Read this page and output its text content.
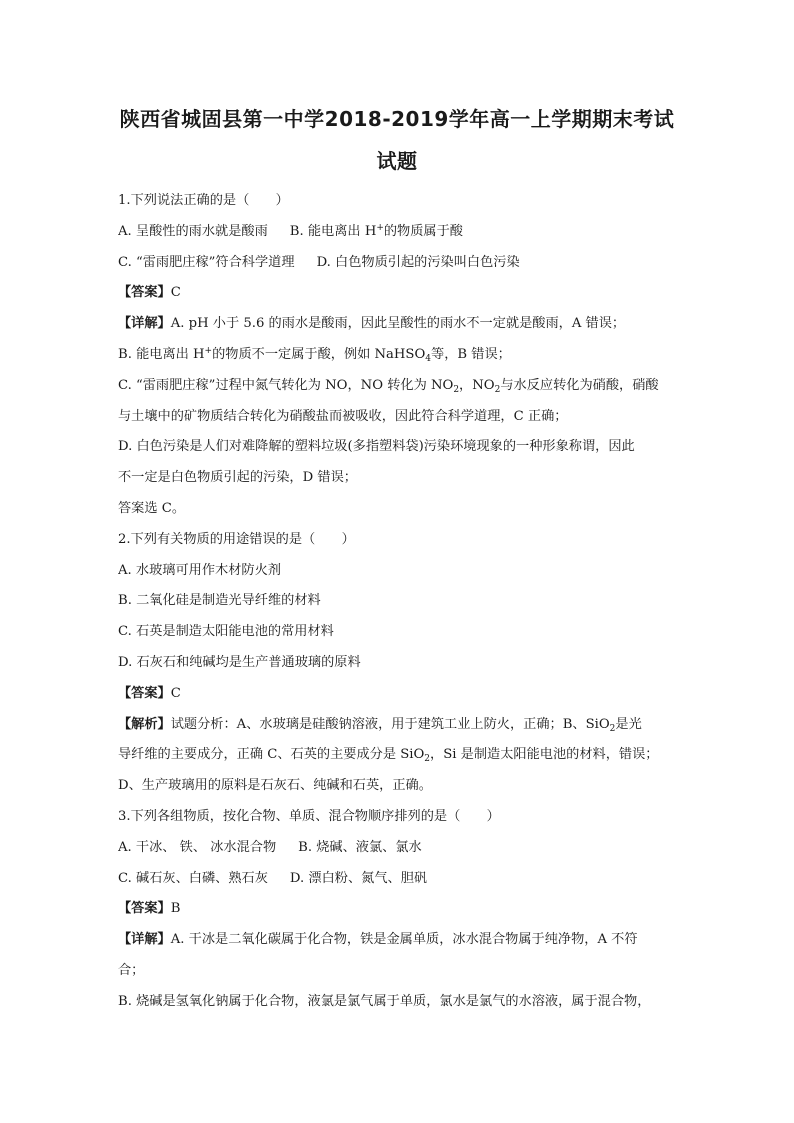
陕西省城固县第一中学2018-2019学年高一上学期期末考试
试题
1.下列说法正确的是（　　）
A. 呈酸性的雨水就是酸雨 B. 能电离出 H+的物质属于酸
C. “雷雨肥庄稼”符合科学道理 D. 白色物质引起的污染叫白色污染
【答案】C
【详解】A. pH 小于 5.6 的雨水是酸雨，因此呈酸性的雨水不一定就是酸雨，A 错误；
B. 能电离出 H+的物质不一定属于酸，例如 NaHSO$_4$等，B 错误；
C. “雷雨肥庄稼”过程中氮气转化为 NO，NO 转化为 $NO_2$，$NO_2$与水反应转化为硝酸，硝酸
与土壤中的矿物质结合转化为硝酸盐而被吸收，因此符合科学道理，C 正确；
D. 白色污染是人们对难降解的塑料垃圾(多指塑料袋)污染环境现象的一种形象称谓，因此
不一定是白色物质引起的污染，D 错误；
答案选 C。
2.下列有关物质的用途错误的是（　　）
A. 水玻璃可用作木材防火剂
B. 二氧化硅是制造光导纤维的材料
C. 石英是制造太阳能电池的常用材料
D. 石灰石和纯碱均是生产普通玻璃的原料
【答案】C
【解析】试题分析：A、水玻璃是硅酸钠溶液，用于建筑工业上防火，正确；B、SiO$_2$是光
导纤维的主要成分，正确 C、石英的主要成分是 SiO$_2$，Si 是制造太阳能电池的材料，错误；
D、生产玻璃用的原料是石灰石、纯碱和石英，正确。
3.下列各组物质，按化合物、单质、混合物顺序排列的是（　　）
A. 干冰、 铁、 冰水混合物 B. 烧碱、液氯、氯水
C. 碱石灰、白磷、熟石灰 D. 漂白粉、氮气、胆矾
【答案】B
【详解】A. 干冰是二氧化碳属于化合物，铁是金属单质，冰水混合物属于纯净物，A 不符
合；
B. 烧碱是氢氧化钠属于化合物，液氯是氯气属于单质，氯水是氯气的水溶液，属于混合物，
